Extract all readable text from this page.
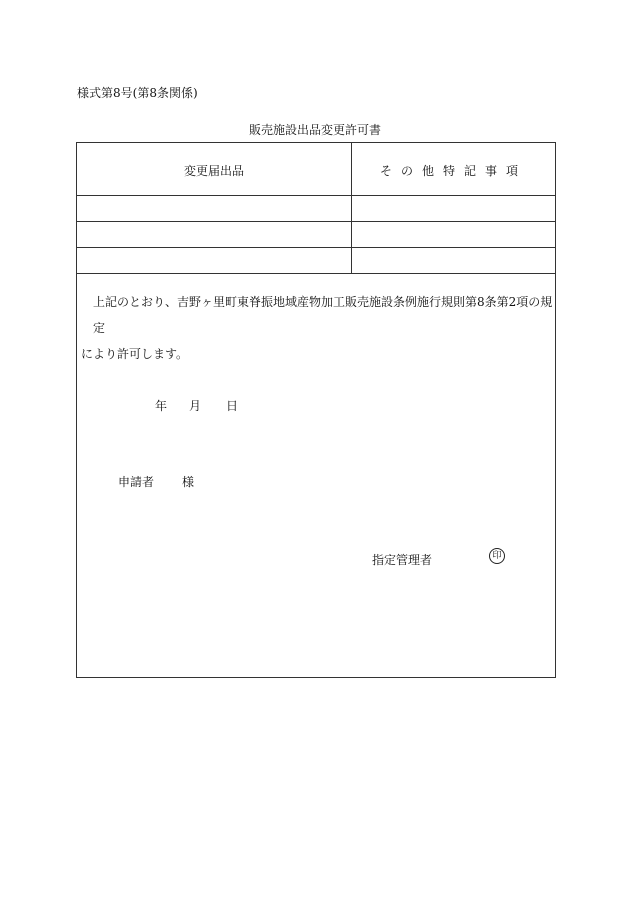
様式第8号(第8条関係)
販売施設出品変更許可書
変更届出品	その他特記事項
上記のとおり、吉野ヶ里町東脊振地域産物加工販売施設条例施行規則第8条第2項の規定
により許可します。
年 月 日
申請者 様
指定管理者	印
